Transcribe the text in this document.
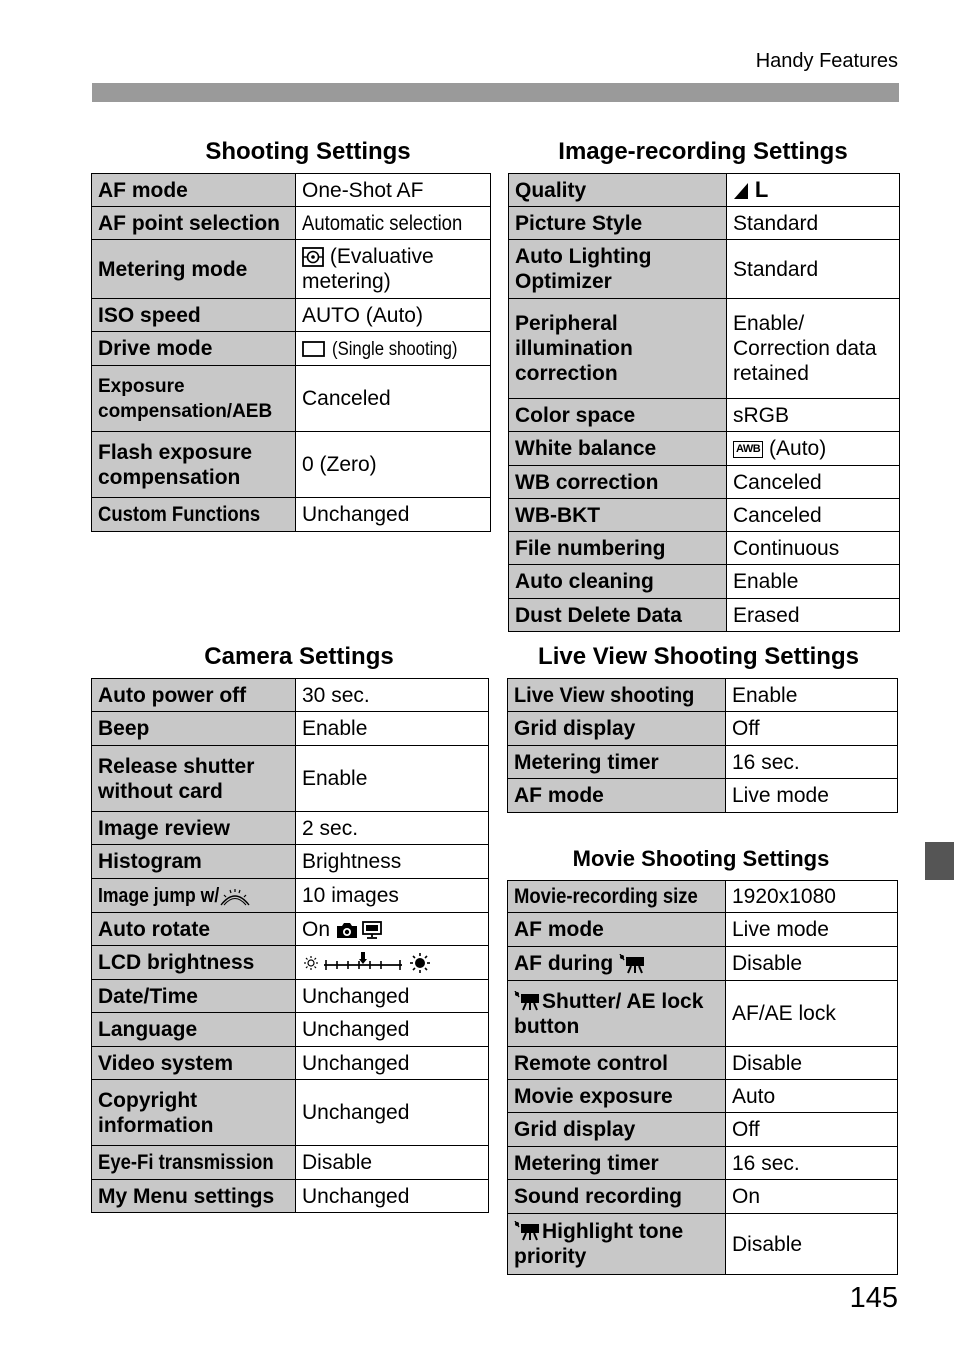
Handy Features
145
Shooting Settings
AF mode	One-Shot AF
AF point selection	Automatic selection
Metering mode	(Evaluative metering)
ISO speed	AUTO (Auto)
Drive mode	(Single shooting)
Exposure compensation/AEB	Canceled
Flash exposure compensation	0 (Zero)
Custom Functions	Unchanged
Image-recording Settings
Quality	L
Picture Style	Standard
Auto Lighting Optimizer	Standard
Peripheral illumination correction	Enable/ Correction data retained
Color space	sRGB
White balance	AWB (Auto)
WB correction	Canceled
WB-BKT	Canceled
File numbering	Continuous
Auto cleaning	Enable
Dust Delete Data	Erased
Camera Settings
Auto power off	30 sec.
Beep	Enable
Release shutter without card	Enable
Image review	2 sec.
Histogram	Brightness
Image jump w/	10 images
Auto rotate	On
LCD brightness	
Date/Time	Unchanged
Language	Unchanged
Video system	Unchanged
Copyright information	Unchanged
Eye-Fi transmission	Disable
My Menu settings	Unchanged
Live View Shooting Settings
Live View shooting	Enable
Grid display	Off
Metering timer	16 sec.
AF mode	Live mode
Movie Shooting Settings
Movie-recording size	1920x1080
AF mode	Live mode
AF during	Disable
Shutter/ AE lock button	AF/AE lock
Remote control	Disable
Movie exposure	Auto
Grid display	Off
Metering timer	16 sec.
Sound recording	On
Highlight tone priority	Disable
